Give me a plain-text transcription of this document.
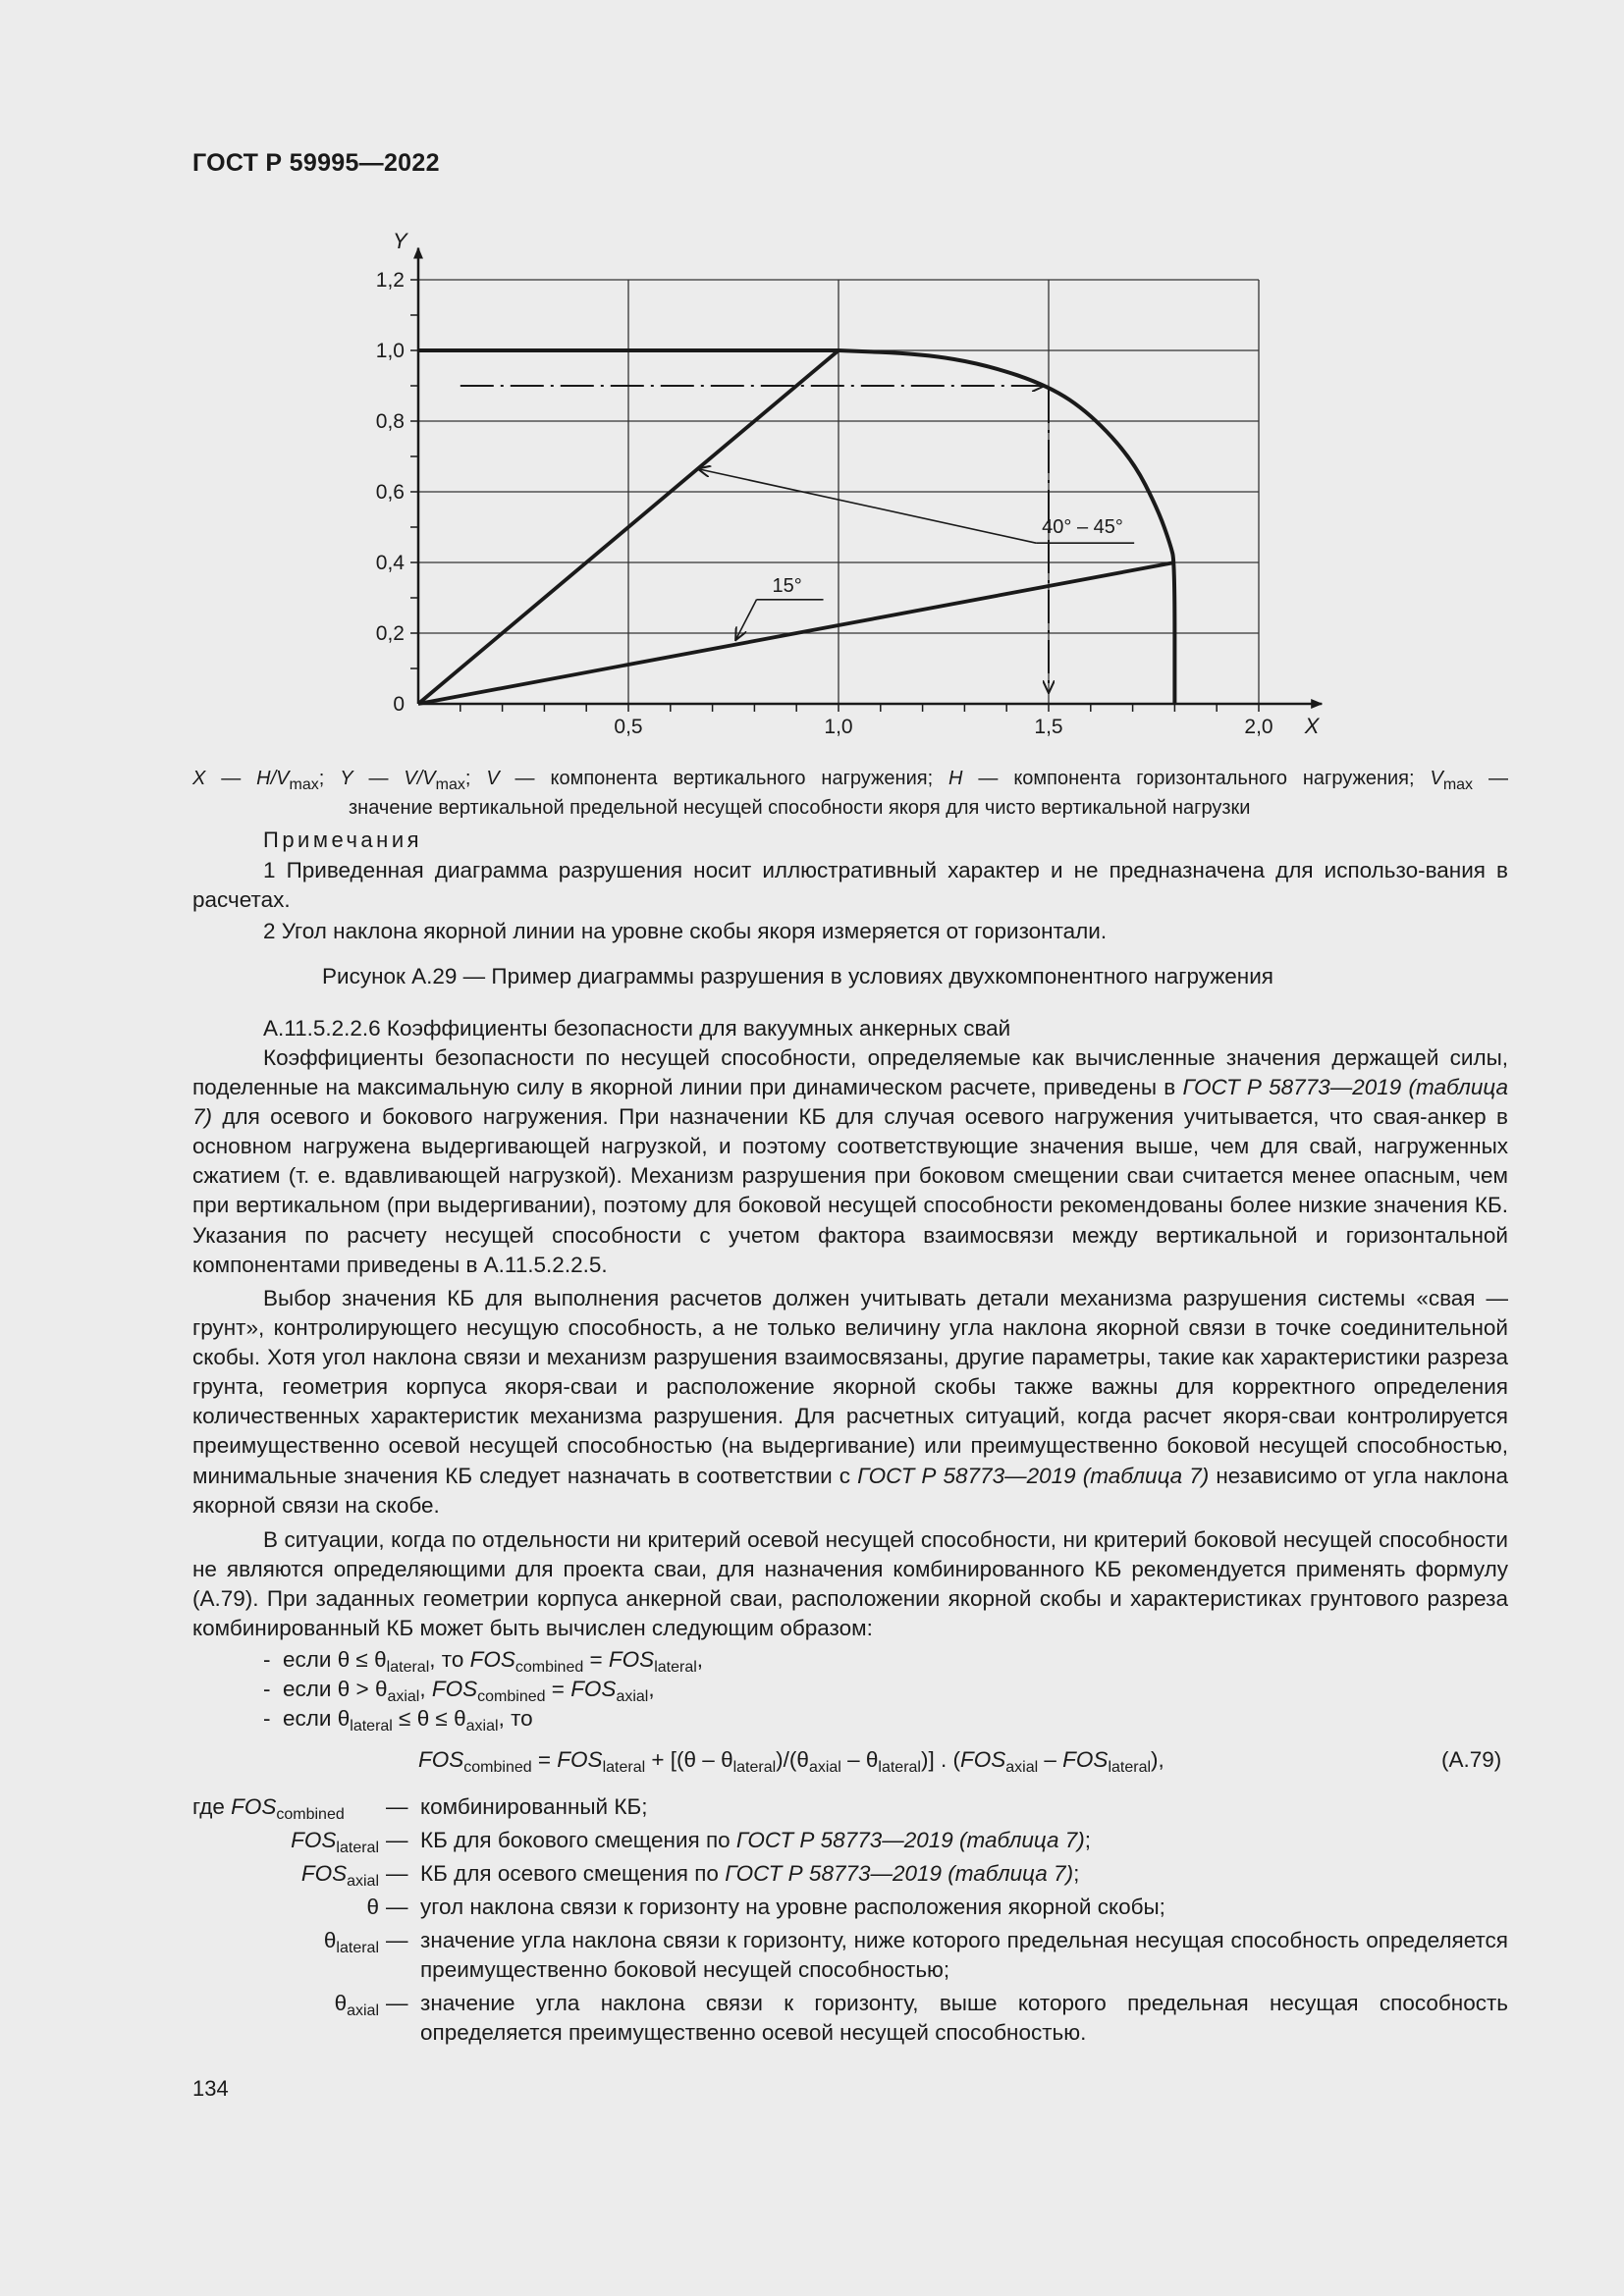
ГОСТ Р 59995—2022
0,5	1,0	1,5	2,0
0
0,2
0,4
0,6
0,8
1,0
1,2
X
Y
40° – 45°
15°
X — $H/V_{max}$; Y — $V/V_{max}$; V — компонента вертикального нагружения; H — компонента горизонтального нагружения; $V_{max}$ —
значение вертикальной предельной несущей способности якоря для чисто вертикальной нагрузки
Примечания
1 Приведенная диаграмма разрушения носит иллюстративный характер и не предназначена для использо-вания в расчетах.
2 Угол наклона якорной линии на уровне скобы якоря измеряется от горизонтали.
Рисунок А.29 — Пример диаграммы разрушения в условиях двухкомпонентного нагружения
А.11.5.2.2.6 Коэффициенты безопасности для вакуумных анкерных свай
Коэффициенты безопасности по несущей способности, определяемые как вычисленные значения держащей силы, поделенные на максимальную силу в якорной линии при динамическом расчете, приведены в ГОСТ Р 58773—2019 (таблица 7) для осевого и бокового нагружения. При назначении КБ для случая осевого нагружения учитывается, что свая-анкер в основном нагружена выдергивающей нагрузкой, и поэтому соответствующие значения выше, чем для свай, нагруженных сжатием (т. е. вдавливающей нагрузкой). Механизм разрушения при боковом смещении сваи считается менее опасным, чем при вертикальном (при выдергивании), поэтому для боковой несущей способности рекомендованы более низкие значения КБ. Указания по расчету несущей способности с учетом фактора взаимосвязи между вертикальной и горизонтальной компонентами приведены в А.11.5.2.2.5.
Выбор значения КБ для выполнения расчетов должен учитывать детали механизма разрушения системы «свая — грунт», контролирующего несущую способность, а не только величину угла наклона якорной связи в точке соединительной скобы. Хотя угол наклона связи и механизм разрушения взаимосвязаны, другие параметры, такие как характеристики разреза грунта, геометрия корпуса якоря-сваи и расположение якорной скобы также важны для корректного определения количественных характеристик механизма разрушения. Для расчетных ситуаций, когда расчет якоря-сваи контролируется преимущественно осевой несущей способностью (на выдергивание) или преимущественно боковой несущей способностью, минимальные значения КБ следует назначать в соответствии с ГОСТ Р 58773—2019 (таблица 7) независимо от угла наклона якорной связи на скобе.
В ситуации, когда по отдельности ни критерий осевой несущей способности, ни критерий боковой несущей способности не являются определяющими для проекта сваи, для назначения комбинированного КБ рекомендуется применять формулу (А.79). При заданных геометрии корпуса анкерной сваи, расположении якорной скобы и характеристиках грунтового разреза комбинированный КБ может быть вычислен следующим образом:
- если $\theta \le \theta_{lateral}$, то $FOS_{combined} = FOS_{lateral}$,
- если $\theta > \theta_{axial}$, $FOS_{combined} = FOS_{axial}$,
- если $\theta_{lateral} \le \theta \le \theta_{axial}$, то
$FOS_{combined} = FOS_{lateral} + [(\theta - \theta_{lateral})/(\theta_{axial} - \theta_{lateral})]$ . $(FOS_{axial} - FOS_{lateral})$,	(А.79)
где $FOS_{combined}$ — комбинированный КБ;
$FOS_{lateral}$ — КБ для бокового смещения по ГОСТ Р 58773—2019 (таблица 7);
$FOS_{axial}$ — КБ для осевого смещения по ГОСТ Р 58773—2019 (таблица 7);
θ — угол наклона связи к горизонту на уровне расположения якорной скобы;
$\theta_{lateral}$ — значение угла наклона связи к горизонту, ниже которого предельная несущая способность определяется преимущественно боковой несущей способностью;
$\theta_{axial}$ — значение угла наклона связи к горизонту, выше которого предельная несущая способность определяется преимущественно осевой несущей способностью.
134
